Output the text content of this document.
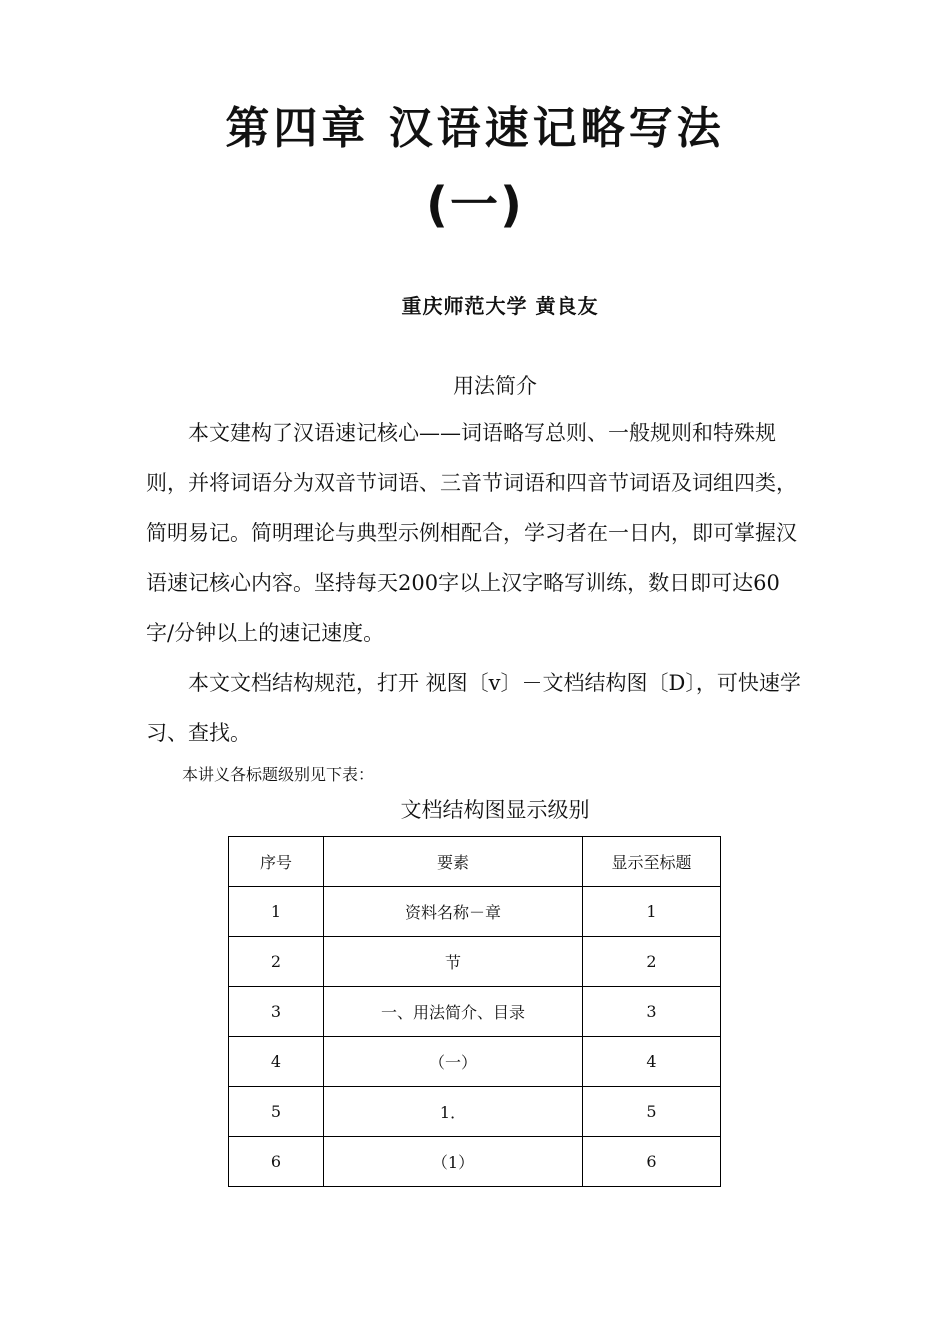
第四章 汉语速记略写法
(一)
重庆师范大学 黄良友
用法简介

本文建构了汉语速记核心——词语略写总则、一般规则和特殊规则，并将词语分为双音节词语、三音节词语和四音节词语及词组四类，简明易记。简明理论与典型示例相配合，学习者在一日内，即可掌握汉语速记核心内容。坚持每天200字以上汉字略写训练，数日即可达60字/分钟以上的速记速度。

本文文档结构规范，打开 视图〔v〕－文档结构图〔D〕，可快速学习、查找。

本讲义各标题级别见下表：
文档结构图显示级别
序号	要素	显示至标题
1	资料名称－章	1
2	节	2
3	一、用法简介、目录	3
4	（一）	4
5	1．	5
6	（1）	6
